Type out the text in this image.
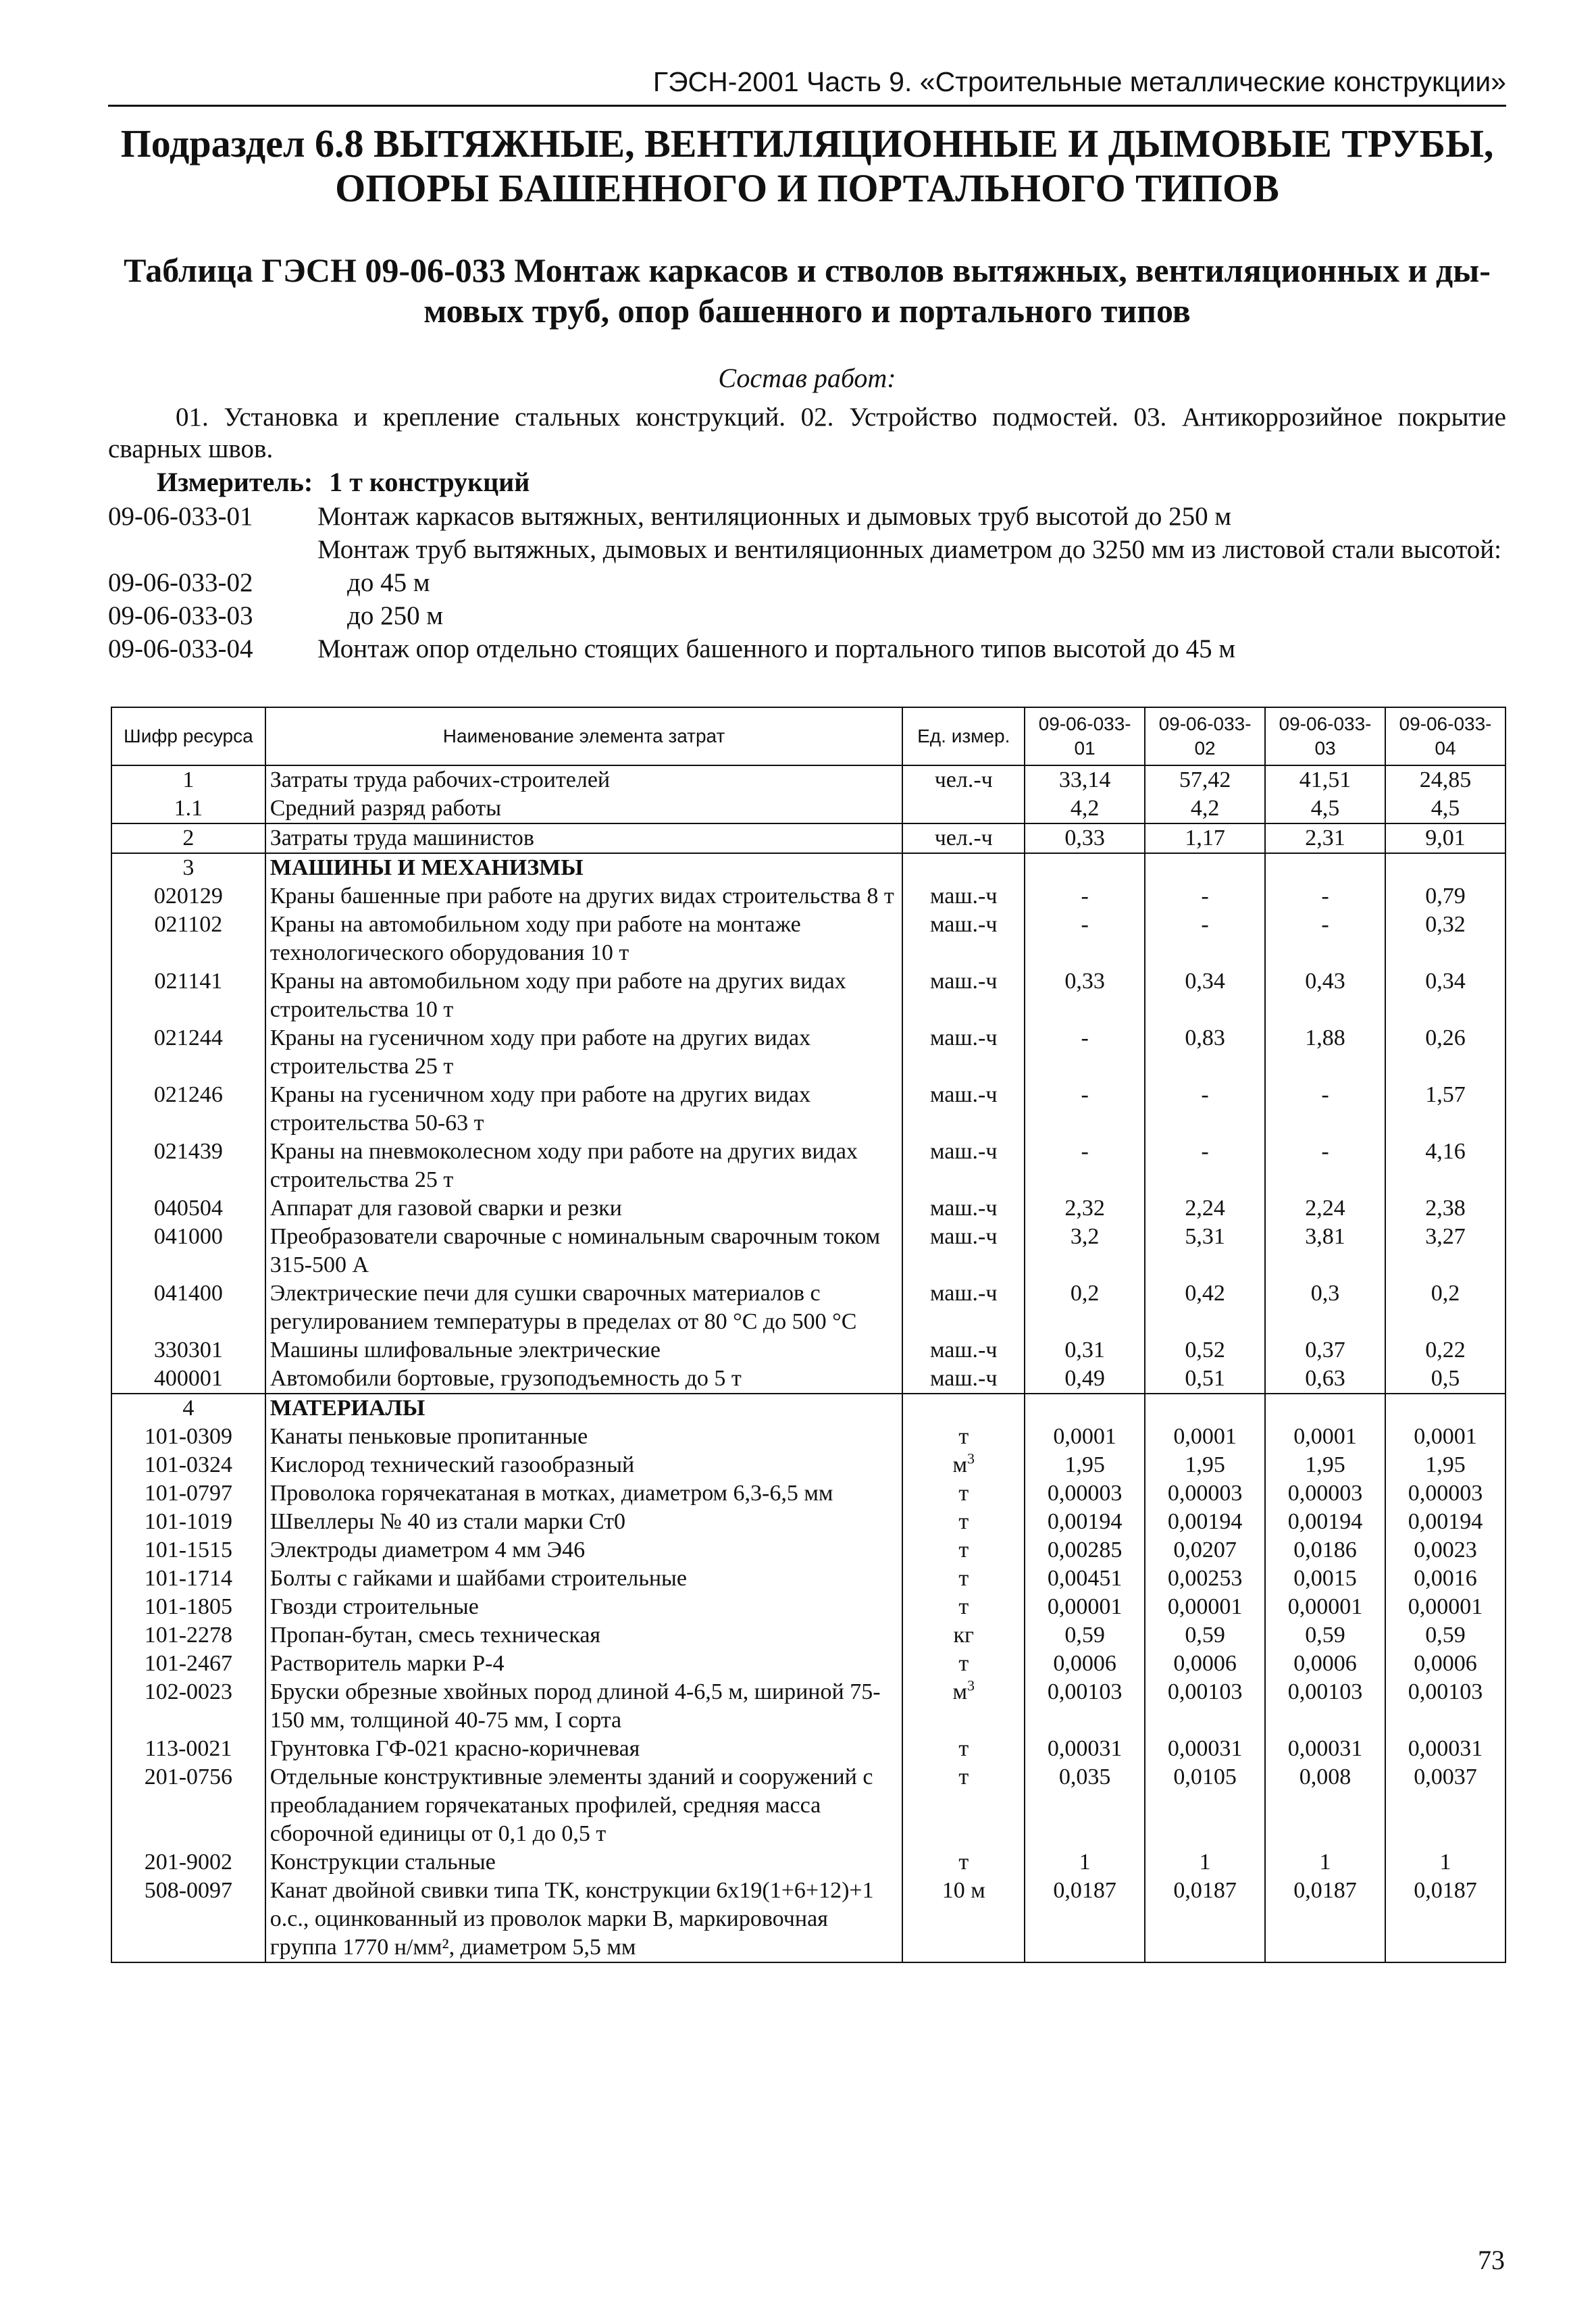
ГЭСН-2001 Часть 9. «Строительные металлические конструкции»
Подраздел 6.8 ВЫТЯЖНЫЕ, ВЕНТИЛЯЦИОННЫЕ И ДЫМОВЫЕ ТРУБЫ,
ОПОРЫ БАШЕННОГО И ПОРТАЛЬНОГО ТИПОВ
Таблица ГЭСН 09-06-033 Монтаж каркасов и стволов вытяжных, вентиляционных и ды-
мовых труб, опор башенного и портального типов
Состав работ:
01. Установка и крепление стальных конструкций. 02. Устройство подмостей. 03. Антикоррозийное покрытие сварных швов.
Измеритель: 1 т конструкций
09-06-033-01	Монтаж каркасов вытяжных, вентиляционных и дымовых труб высотой до 250 м
Монтаж труб вытяжных, дымовых и вентиляционных диаметром до 3250 мм из листовой стали высотой:
09-06-033-02	до 45 м
09-06-033-03	до 250 м
09-06-033-04	Монтаж опор отдельно стоящих башенного и портального типов высотой до 45 м
Шифр ресурса	Наименование элемента затрат	Ед. измер.	09-06-033-01	09-06-033-02	09-06-033-03	09-06-033-04
1	Затраты труда рабочих-строителей	чел.-ч	33,14	57,42	41,51	24,85
1.1	Средний разряд работы		4,2	4,2	4,5	4,5
2	Затраты труда машинистов	чел.-ч	0,33	1,17	2,31	9,01
3	МАШИНЫ И МЕХАНИЗМЫ					
020129	Краны башенные при работе на других видах строительства 8 т	маш.-ч	-	-	-	0,79
021102	Краны на автомобильном ходу при работе на монтаже технологического оборудования 10 т	маш.-ч	-	-	-	0,32
021141	Краны на автомобильном ходу при работе на других видах строительства 10 т	маш.-ч	0,33	0,34	0,43	0,34
021244	Краны на гусеничном ходу при работе на других видах строительства 25 т	маш.-ч	-	0,83	1,88	0,26
021246	Краны на гусеничном ходу при работе на других видах строительства 50-63 т	маш.-ч	-	-	-	1,57
021439	Краны на пневмоколесном ходу при работе на других видах строительства 25 т	маш.-ч	-	-	-	4,16
040504	Аппарат для газовой сварки и резки	маш.-ч	2,32	2,24	2,24	2,38
041000	Преобразователи сварочные с номинальным сварочным током 315-500 А	маш.-ч	3,2	5,31	3,81	3,27
041400	Электрические печи для сушки сварочных материалов с регулированием температуры в пределах от 80 °С до 500 °С	маш.-ч	0,2	0,42	0,3	0,2
330301	Машины шлифовальные электрические	маш.-ч	0,31	0,52	0,37	0,22
400001	Автомобили бортовые, грузоподъемность до 5 т	маш.-ч	0,49	0,51	0,63	0,5
4	МАТЕРИАЛЫ					
101-0309	Канаты пеньковые пропитанные	т	0,0001	0,0001	0,0001	0,0001
101-0324	Кислород технический газообразный	$м^3$	1,95	1,95	1,95	1,95
101-0797	Проволока горячекатаная в мотках, диаметром 6,3-6,5 мм	т	0,00003	0,00003	0,00003	0,00003
101-1019	Швеллеры № 40 из стали марки Ст0	т	0,00194	0,00194	0,00194	0,00194
101-1515	Электроды диаметром 4 мм Э46	т	0,00285	0,0207	0,0186	0,0023
101-1714	Болты с гайками и шайбами строительные	т	0,00451	0,00253	0,0015	0,0016
101-1805	Гвозди строительные	т	0,00001	0,00001	0,00001	0,00001
101-2278	Пропан-бутан, смесь техническая	кг	0,59	0,59	0,59	0,59
101-2467	Растворитель марки Р-4	т	0,0006	0,0006	0,0006	0,0006
102-0023	Бруски обрезные хвойных пород длиной 4-6,5 м, шириной 75-150 мм, толщиной 40-75 мм, I сорта	$м^3$	0,00103	0,00103	0,00103	0,00103
113-0021	Грунтовка ГФ-021 красно-коричневая	т	0,00031	0,00031	0,00031	0,00031
201-0756	Отдельные конструктивные элементы зданий и сооружений с преобладанием горячекатаных профилей, средняя масса сборочной единицы от 0,1 до 0,5 т	т	0,035	0,0105	0,008	0,0037
201-9002	Конструкции стальные	т	1	1	1	1
508-0097	Канат двойной свивки типа ТК, конструкции 6х19(1+6+12)+1 о.с., оцинкованный из проволок марки В, маркировочная группа 1770 н/мм², диаметром 5,5 мм	10 м	0,0187	0,0187	0,0187	0,0187
73
